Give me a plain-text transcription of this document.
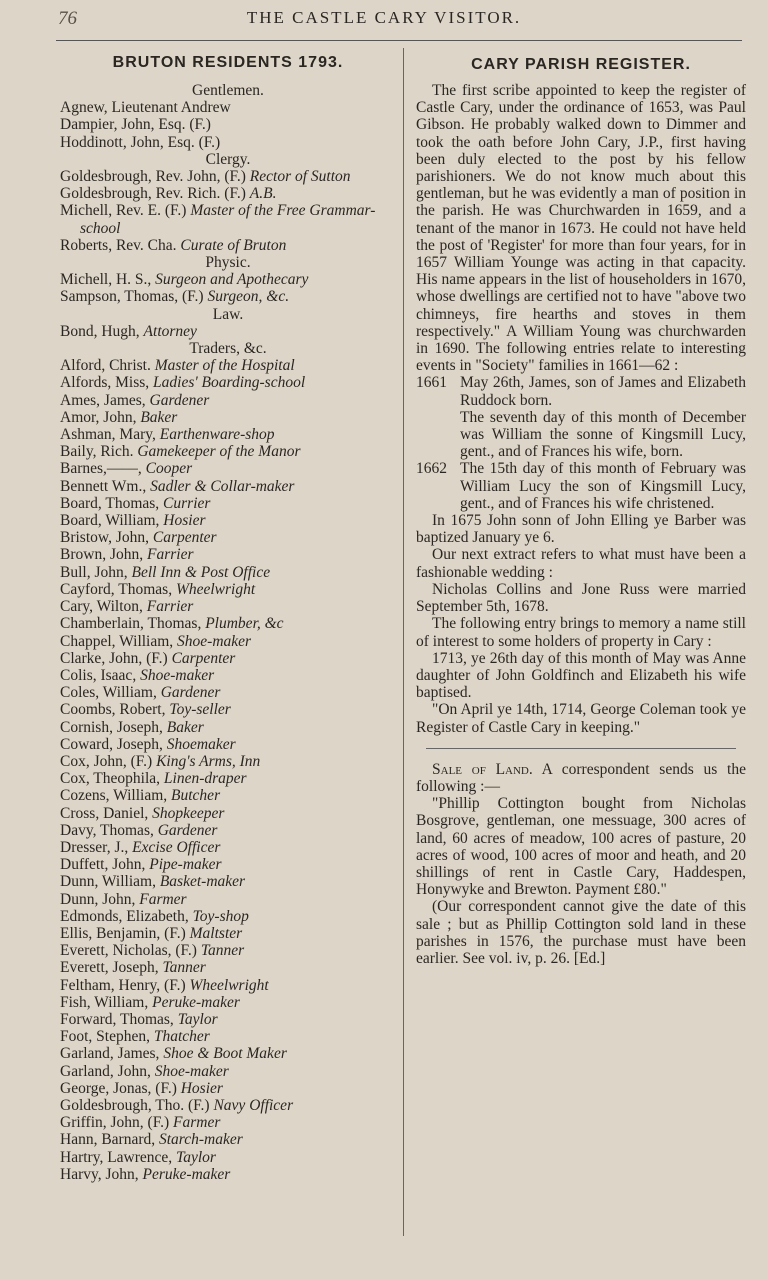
76	THE CASTLE CARY VISITOR.
BRUTON RESIDENTS 1793.
Gentlemen.
Agnew, Lieutenant Andrew
Dampier, John, Esq. (F.)
Hoddinott, John, Esq. (F.)
Clergy.
Goldesbrough, Rev. John, (F.) Rector of Sutton
Goldesbrough, Rev. Rich. (F.) A.B.
Michell, Rev. E. (F.) Master of the Free Grammar-school
Roberts, Rev. Cha. Curate of Bruton
Physic.
Michell, H. S., Surgeon and Apothecary
Sampson, Thomas, (F.) Surgeon, &c.
Law.
Bond, Hugh, Attorney
Traders, &c.
Alford, Christ. Master of the Hospital
Alfords, Miss, Ladies' Boarding-school
Ames, James, Gardener
Amor, John, Baker
Ashman, Mary, Earthenware-shop
Baily, Rich. Gamekeeper of the Manor
Barnes,——, Cooper
Bennett Wm., Sadler & Collar-maker
Board, Thomas, Currier
Board, William, Hosier
Bristow, John, Carpenter
Brown, John, Farrier
Bull, John, Bell Inn & Post Office
Cayford, Thomas, Wheelwright
Cary, Wilton, Farrier
Chamberlain, Thomas, Plumber, &c
Chappel, William, Shoe-maker
Clarke, John, (F.) Carpenter
Colis, Isaac, Shoe-maker
Coles, William, Gardener
Coombs, Robert, Toy-seller
Cornish, Joseph, Baker
Coward, Joseph, Shoemaker
Cox, John, (F.) King's Arms, Inn
Cox, Theophila, Linen-draper
Cozens, William, Butcher
Cross, Daniel, Shopkeeper
Davy, Thomas, Gardener
Dresser, J., Excise Officer
Duffett, John, Pipe-maker
Dunn, William, Basket-maker
Dunn, John, Farmer
Edmonds, Elizabeth, Toy-shop
Ellis, Benjamin, (F.) Maltster
Everett, Nicholas, (F.) Tanner
Everett, Joseph, Tanner
Feltham, Henry, (F.) Wheelwright
Fish, William, Peruke-maker
Forward, Thomas, Taylor
Foot, Stephen, Thatcher
Garland, James, Shoe & Boot Maker
Garland, John, Shoe-maker
George, Jonas, (F.) Hosier
Goldesbrough, Tho. (F.) Navy Officer
Griffin, John, (F.) Farmer
Hann, Barnard, Starch-maker
Hartry, Lawrence, Taylor
Harvy, John, Peruke-maker
CARY PARISH REGISTER.

The first scribe appointed to keep the register of Castle Cary, under the ordinance of 1653, was Paul Gibson. He probably walked down to Dimmer and took the oath before John Cary, J.P., first having been duly elected to the post by his fellow parishioners. We do not know much about this gentleman, but he was evidently a man of position in the parish. He was Churchwarden in 1659, and a tenant of the manor in 1673. He could not have held the post of 'Register' for more than four years, for in 1657 William Younge was acting in that capacity. His name appears in the list of householders in 1670, whose dwellings are certified not to have "above two chimneys, fire hearths and stoves in them respectively." A William Young was churchwarden in 1690. The following entries relate to interesting events in "Society" families in 1661—62 :

1661 May 26th, James, son of James and Elizabeth Ruddock born.
The seventh day of this month of December was William the sonne of Kingsmill Lucy, gent., and of Frances his wife, born.
1662 The 15th day of this month of February was William Lucy the son of Kingsmill Lucy, gent., and of Frances his wife christened.

In 1675 John sonn of John Elling ye Barber was baptized January ye 6.

Our next extract refers to what must have been a fashionable wedding :

Nicholas Collins and Jone Russ were married September 5th, 1678.

The following entry brings to memory a name still of interest to some holders of property in Cary :

1713, ye 26th day of this month of May was Anne daughter of John Goldfinch and Elizabeth his wife baptised.

"On April ye 14th, 1714, George Coleman took ye Register of Castle Cary in keeping."

Sale of Land. A correspondent sends us the following :—

"Phillip Cottington bought from Nicholas Bosgrove, gentleman, one messuage, 300 acres of land, 60 acres of meadow, 100 acres of pasture, 20 acres of wood, 100 acres of moor and heath, and 20 shillings of rent in Castle Cary, Haddespen, Honywyke and Brewton. Payment £80."

(Our correspondent cannot give the date of this sale ; but as Phillip Cottington sold land in these parishes in 1576, the purchase must have been earlier. See vol. iv, p. 26. [Ed.]
